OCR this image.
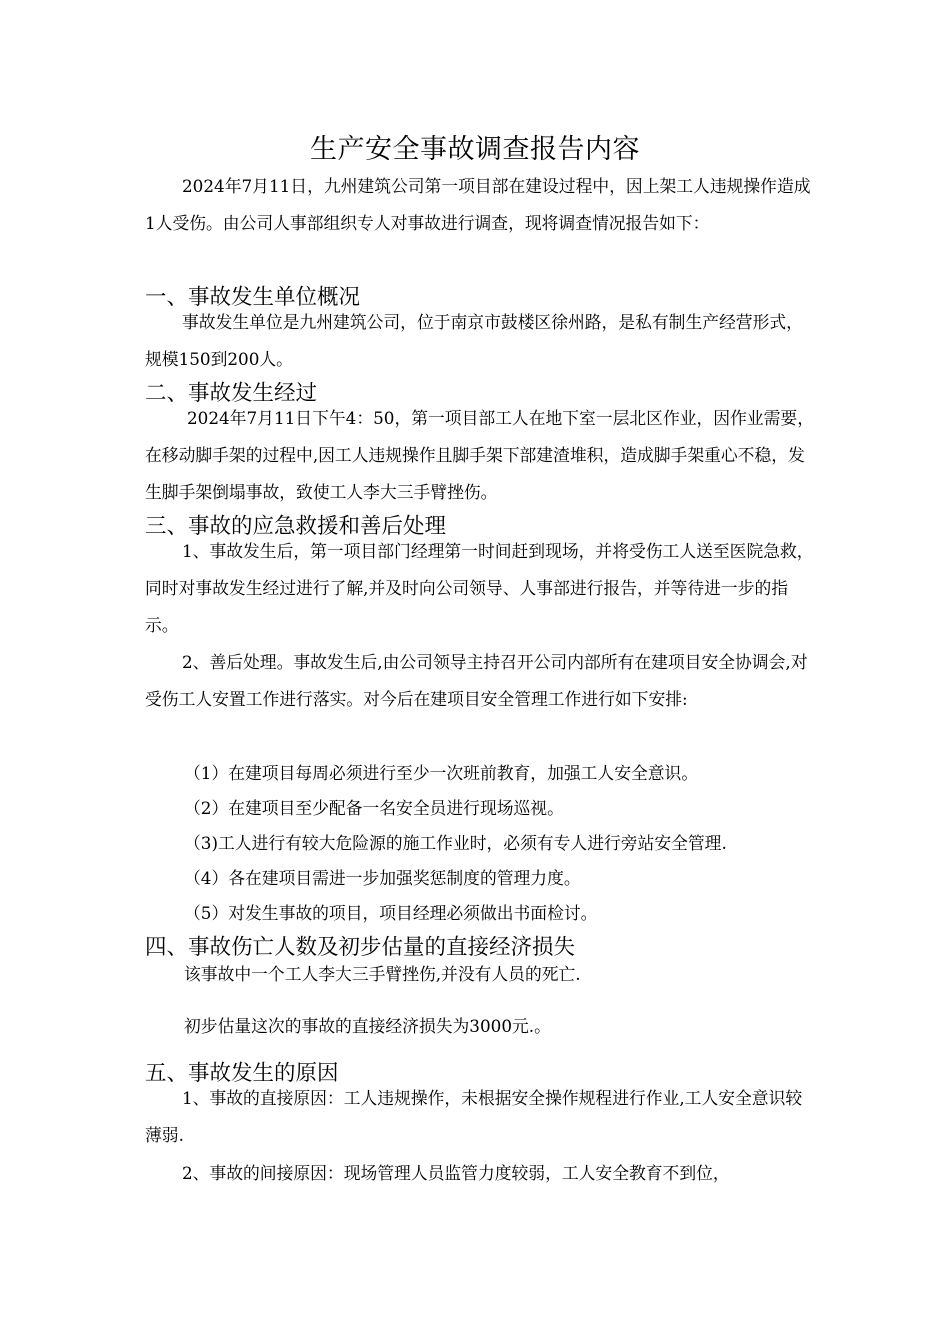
生产安全事故调查报告内容
2024年7月11日，九州建筑公司第一项目部在建设过程中，因上架工人违规操作造成1人受伤。由公司人事部组织专人对事故进行调查，现将调查情况报告如下：
一、事故发生单位概况
事故发生单位是九州建筑公司，位于南京市鼓楼区徐州路，是私有制生产经营形式，规模150到200人。
二、事故发生经过
2024年7月11日下午4：50，第一项目部工人在地下室一层北区作业，因作业需要，在移动脚手架的过程中,因工人违规操作且脚手架下部建渣堆积，造成脚手架重心不稳，发生脚手架倒塌事故，致使工人李大三手臂挫伤。
三、事故的应急救援和善后处理
1、事故发生后，第一项目部门经理第一时间赶到现场，并将受伤工人送至医院急救，同时对事故发生经过进行了解,并及时向公司领导、人事部进行报告，并等待进一步的指示。
2、善后处理。事故发生后,由公司领导主持召开公司内部所有在建项目安全协调会,对受伤工人安置工作进行落实。对今后在建项目安全管理工作进行如下安排:
（1）在建项目每周必须进行至少一次班前教育，加强工人安全意识。
（2）在建项目至少配备一名安全员进行现场巡视。
（3)工人进行有较大危险源的施工作业时，必须有专人进行旁站安全管理.
（4）各在建项目需进一步加强奖惩制度的管理力度。
（5）对发生事故的项目，项目经理必须做出书面检讨。
四、事故伤亡人数及初步估量的直接经济损失
该事故中一个工人李大三手臂挫伤,并没有人员的死亡.
初步估量这次的事故的直接经济损失为3000元.。
五、事故发生的原因
1、事故的直接原因：工人违规操作，未根据安全操作规程进行作业,工人安全意识较薄弱.
2、事故的间接原因：现场管理人员监管力度较弱，工人安全教育不到位，
